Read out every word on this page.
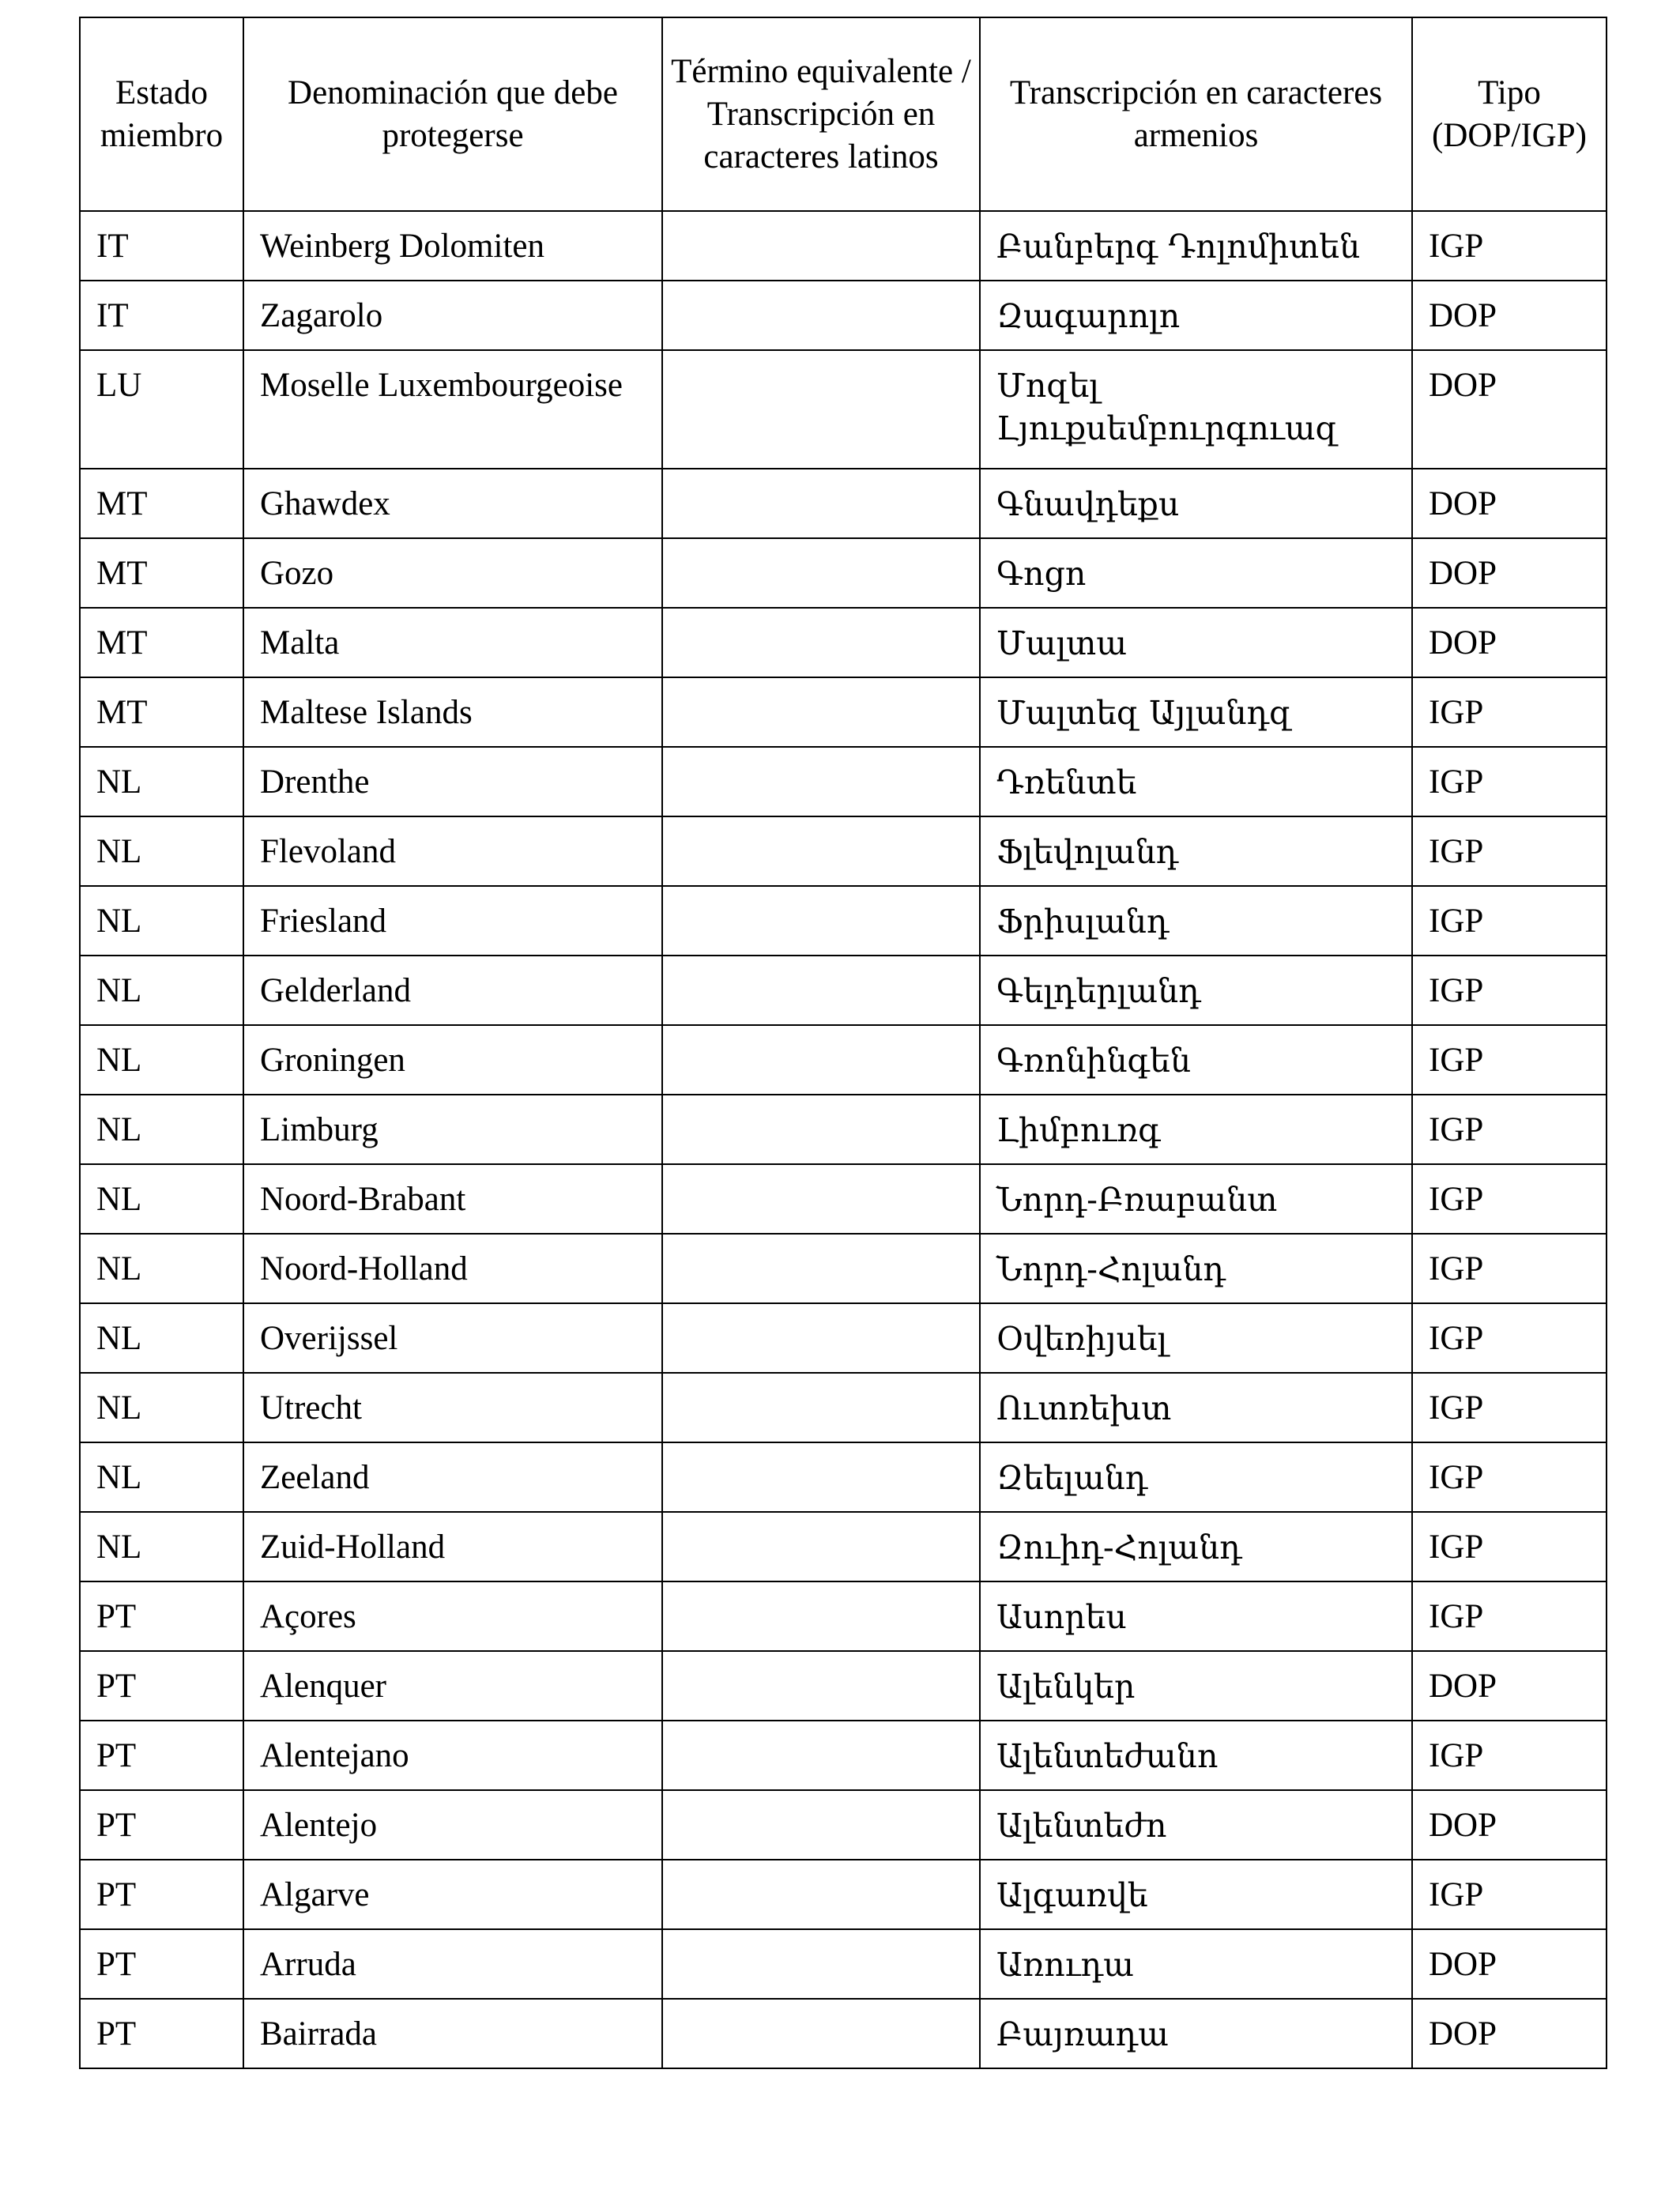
Estado miembro	Denominación que debe protegerse	Término equivalente / Transcripción en caracteres latinos	Transcripción en caracteres armenios	Tipo (DOP/IGP)
IT	Weinberg Dolomiten		Բանբերգ Դոլոմիտեն	IGP
IT	Zagarolo		Զագարոլո	DOP
LU	Moselle Luxembourgeoise		Մոզել Լյուքսեմբուրգուազ	DOP
MT	Ghawdex		Գնավդեքս	DOP
MT	Gozo		Գոցո	DOP
MT	Malta		Մալտա	DOP
MT	Maltese Islands		Մալտեզ Այլանդզ	IGP
NL	Drenthe		Դռենտե	IGP
NL	Flevoland		Ֆլեվոլանդ	IGP
NL	Friesland		Ֆրիսլանդ	IGP
NL	Gelderland		Գելդերլանդ	IGP
NL	Groningen		Գռոնինգեն	IGP
NL	Limburg		Լիմբուռգ	IGP
NL	Noord-Brabant		Նորդ-Բռաբանտ	IGP
NL	Noord-Holland		Նորդ-Հոլանդ	IGP
NL	Overijssel		Օվեռիյսել	IGP
NL	Utrecht		Ուտռեխտ	IGP
NL	Zeeland		Զեելանդ	IGP
NL	Zuid-Holland		Զուիդ-Հոլանդ	IGP
PT	Açores		Ասորես	IGP
PT	Alenquer		Ալենկեր	DOP
PT	Alentejano		Ալենտեժանո	IGP
PT	Alentejo		Ալենտեժո	DOP
PT	Algarve		Ալգառվե	IGP
PT	Arruda		Առուդա	DOP
PT	Bairrada		Բայռադա	DOP
